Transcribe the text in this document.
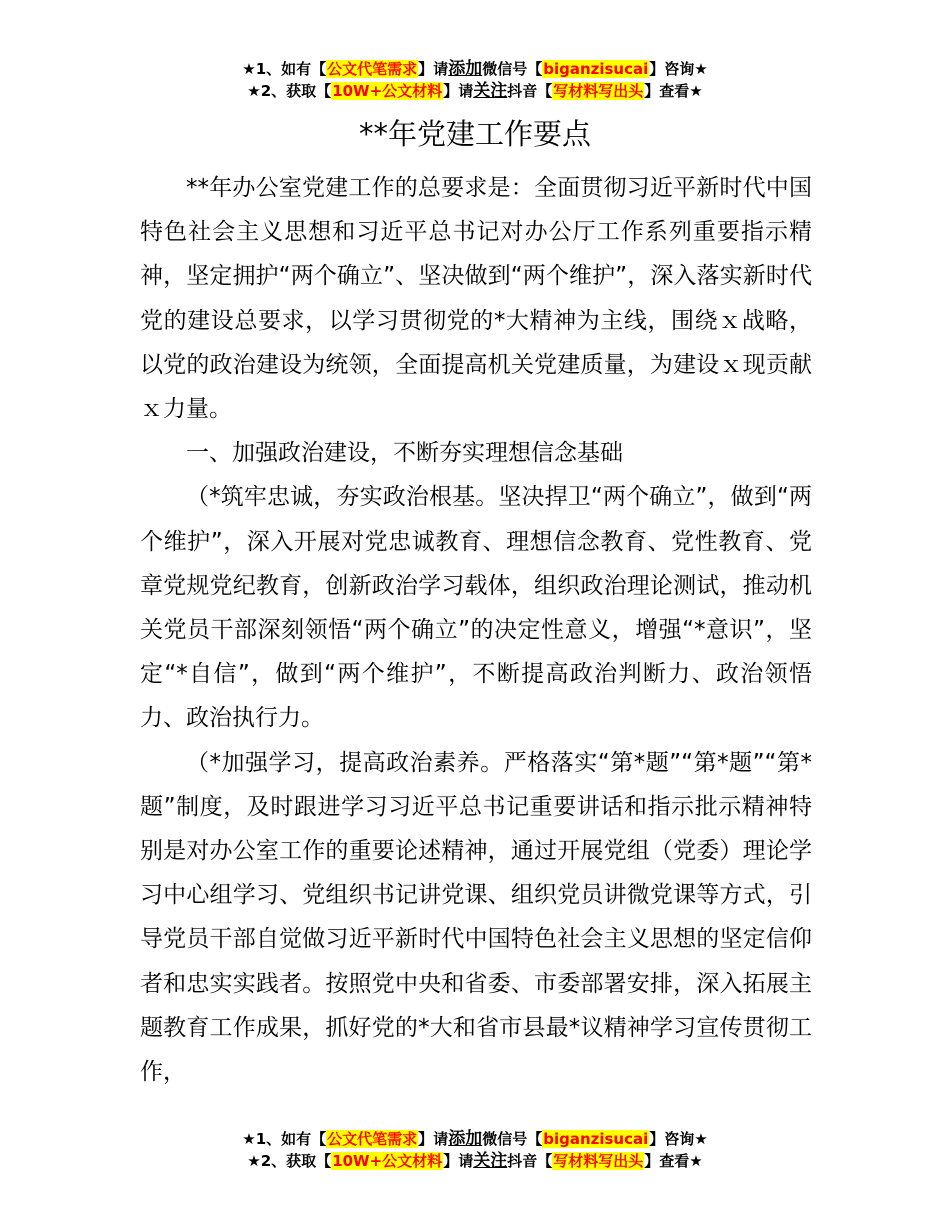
★1、如有【公文代笔需求】请添加微信号【biganzisucai】咨询★
★2、获取【10W+公文材料】请关注抖音【写材料写出头】查看★
**年党建工作要点

**年办公室党建工作的总要求是：全面贯彻习近平新时代中国特色社会主义思想和习近平总书记对办公厅工作系列重要指示精神，坚定拥护“两个确立”、坚决做到“两个维护”，深入落实新时代党的建设总要求，以学习贯彻党的*大精神为主线，围绕ｘ战略，以党的政治建设为统领，全面提高机关党建质量，为建设ｘ现贡献ｘ力量。

一、加强政治建设，不断夯实理想信念基础

（*筑牢忠诚，夯实政治根基。坚决捍卫“两个确立”，做到“两个维护”，深入开展对党忠诚教育、理想信念教育、党性教育、党章党规党纪教育，创新政治学习载体，组织政治理论测试，推动机关党员干部深刻领悟“两个确立”的决定性意义，增强“*意识”，坚定“*自信”，做到“两个维护”，不断提高政治判断力、政治领悟力、政治执行力。

（*加强学习，提高政治素养。严格落实“第*题”“第*题”“第*题”制度，及时跟进学习习近平总书记重要讲话和指示批示精神特别是对办公室工作的重要论述精神，通过开展党组（党委）理论学习中心组学习、党组织书记讲党课、组织党员讲微党课等方式，引导党员干部自觉做习近平新时代中国特色社会主义思想的坚定信仰者和忠实实践者。按照党中央和省委、市委部署安排，深入拓展主题教育工作成果，抓好党的*大和省市县最*议精神学习宣传贯彻工作，

★1、如有【公文代笔需求】请添加微信号【biganzisucai】咨询★
★2、获取【10W+公文材料】请关注抖音【写材料写出头】查看★
